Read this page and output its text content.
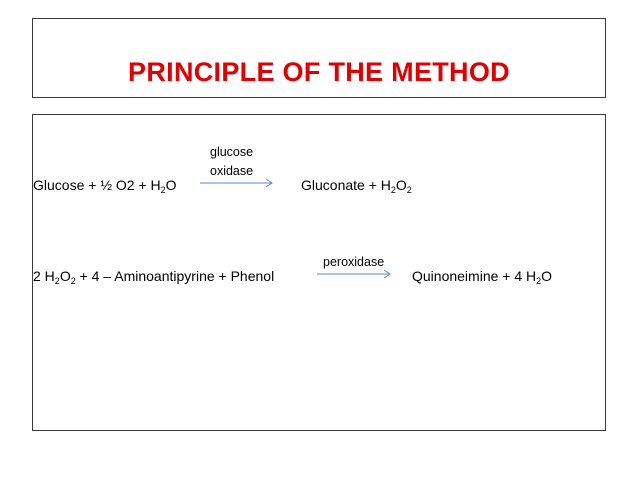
PRINCIPLE OF THE METHOD
Glucose + ½ $O2 + H_2O$
glucose
oxidase
Gluconate + $H_2O_2$
2 $H_2O_2 + 4$ – Aminoantipyrine + Phenol
peroxidase
Quinoneimine + 4 $H_2O$
